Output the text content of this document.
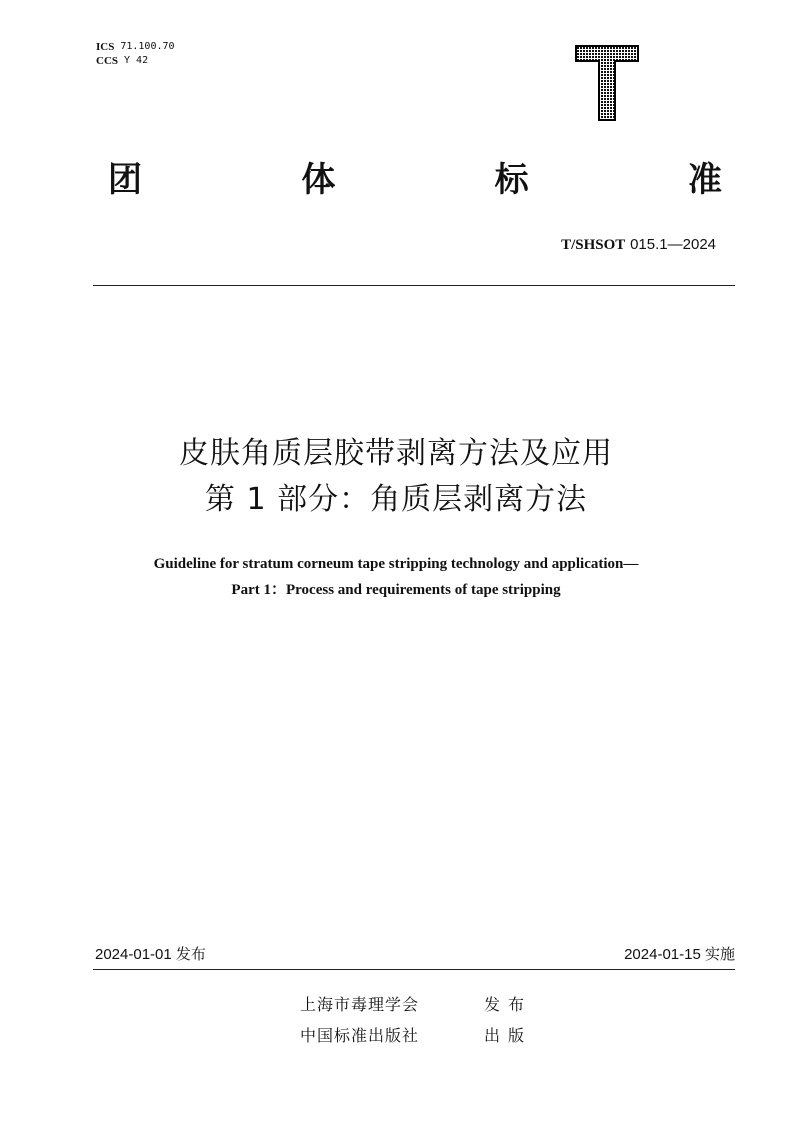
ICS 71.100.70
CCS Y 42
团	体	标	准
T/SHSOT 015.1—2024
皮肤角质层胶带剥离方法及应用
第 1 部分：角质层剥离方法
Guideline for stratum corneum tape stripping technology and application—
Part 1：Process and requirements of tape stripping
2024-01-01 发布	2024-01-15 实施
上海市毒理学会	发布
中国标准出版社	出版
